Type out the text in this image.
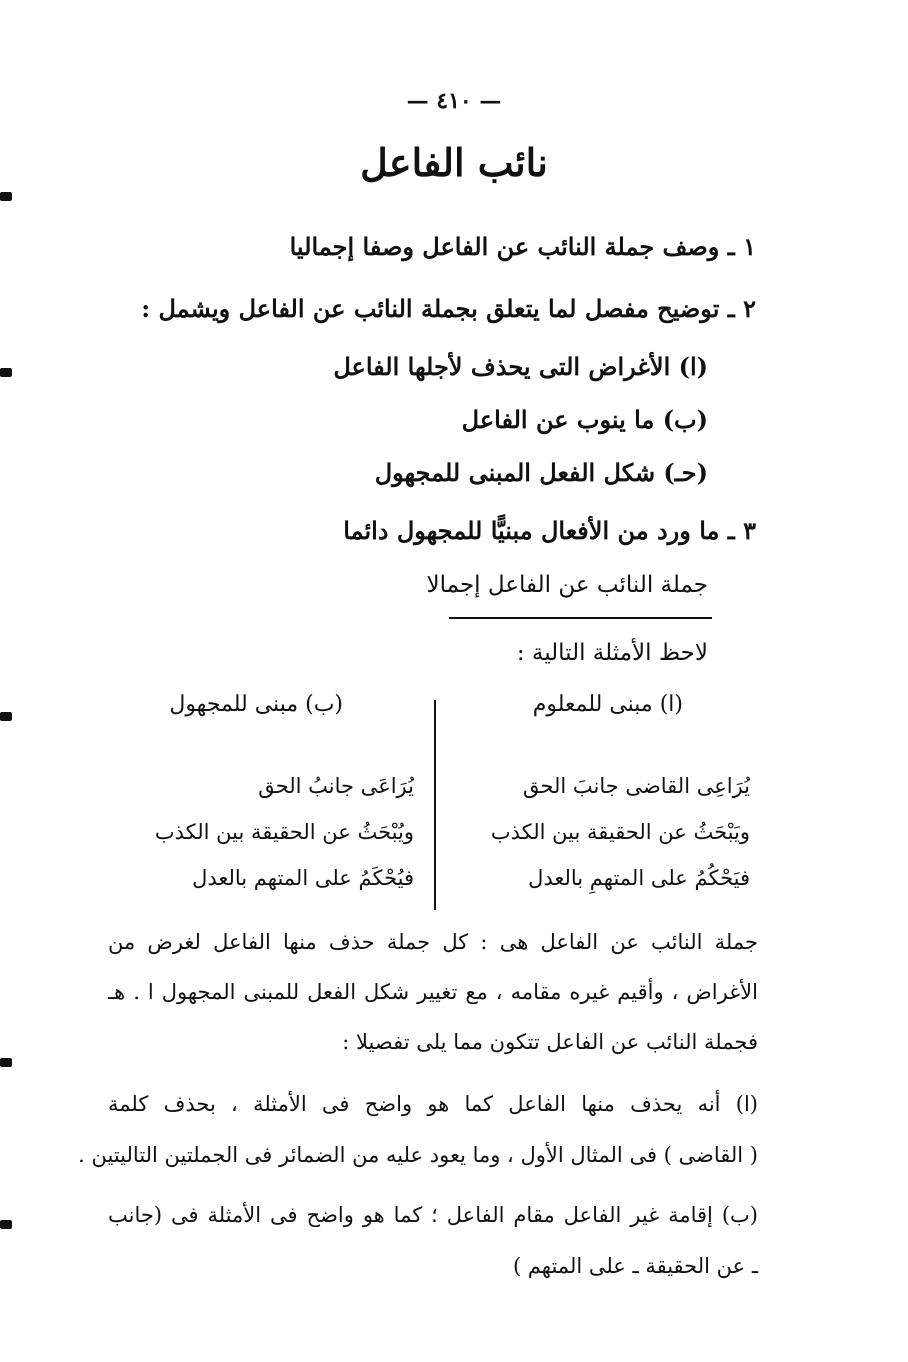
— ٤١٠ —
نائب الفاعل
١ ـ وصف جملة النائب عن الفاعل وصفا إجماليا
٢ ـ توضيح مفصل لما يتعلق بجملة النائب عن الفاعل ويشمل :
(ا) الأغراض التى يحذف لأجلها الفاعل
(ب) ما ينوب عن الفاعل
(حـ) شكل الفعل المبنى للمجهول
٣ ـ ما ورد من الأفعال مبنيًّا للمجهول دائما
جملة النائب عن الفاعل إجمالا
لاحظ الأمثلة التالية :
(ا) مبنى للمعلوم
(ب) مبنى للمجهول
يُرَاعِى القاضى جانبَ الحق
ويَبْحَثُ عن الحقيقة بين الكذب
فيَحْكُمُ على المتهمِ بالعدل
يُرَاعَى جانبُ الحق
ويُبْحَثُ عن الحقيقة بين الكذب
فيُحْكَمُ على المتهم بالعدل
جملة النائب عن الفاعل هى : كل جملة حذف منها الفاعل لغرض من
الأغراض ، وأقيم غيره مقامه ، مع تغيير شكل الفعل للمبنى المجهول ا . هـ
فجملة النائب عن الفاعل تتكون مما يلى تفصيلا :
(ا) أنه يحذف منها الفاعل كما هو واضح فى الأمثلة ، بحذف كلمة
( القاضى ) فى المثال الأول ، وما يعود عليه من الضمائر فى الجملتين التاليتين .
(ب) إقامة غير الفاعل مقام الفاعل ؛ كما هو واضح فى الأمثلة فى (جانب
ـ عن الحقيقة ـ على المتهم )
